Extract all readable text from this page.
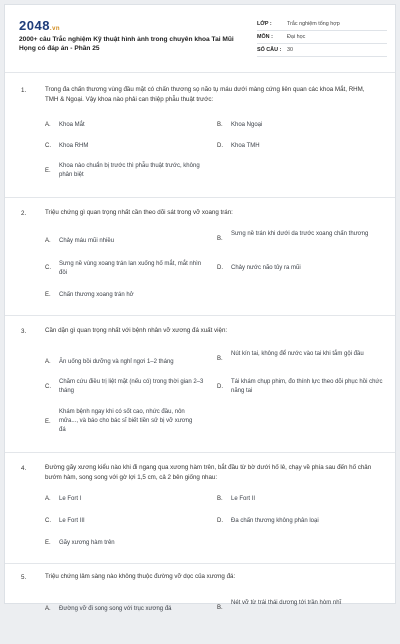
2048.vn
2000+ câu Trắc nghiệm Kỹ thuật hình ảnh trong chuyên khoa Tai Mũi Họng có đáp án - Phần 25
LỚP :	Trắc nghiệm tổng hợp
MÔN :	Đại học
SỐ CÂU :	30
1.	Trong đa chấn thương vùng đầu mặt có chấn thương sọ não tụ máu dưới màng cứng liên quan các khoa Mắt, RHM, TMH & Ngoại. Vậy khoa nào phải can thiệp phẫu thuật trước:
A. Khoa Mắt	B. Khoa Ngoại
C. Khoa RHM	D. Khoa TMH
E.
Khoa nào chuẩn bị trước thì phẫu thuật trước, không phân biệt
2.	Triệu chứng gì quan trọng nhất cần theo dõi sát trong vỡ xoang trán:
A. Chảy máu mũi nhiều	B.
Sưng nề trán khi dưới da trước xoang chấn thương
C.
Sưng nề vùng xoang trán lan xuống hố mắt, mắt nhìn đôi
D. Chảy nước não tủy ra mũi
E. Chấn thương xoang trán hở
3.	Cần dặn gì quan trọng nhất với bệnh nhân vỡ xương đá xuất viện:
A. Ăn uống bồi dưỡng và nghỉ ngơi 1–2 tháng	B.
Nút kín tai, không để nước vào tai khi tắm gội đầu
C.
Chăm cứu điều trị liệt mặt (nếu có) trong thời gian 2–3 tháng
D.
Tái khám chụp phim, đo thính lực theo dõi phục hồi chức năng tai
E.
Khám bệnh ngay khi có sốt cao, nhức đầu, nôn mửa..., và báo cho bác sĩ biết tiền sử bị vỡ xương đá
4.	Đường gãy xương kiểu nào khi đi ngang qua xương hàm trên, bắt đầu từ bờ dưới hố lê, chạy về phía sau đến hố chân bướm hàm, song song với gờ lợi 1,5 cm, cả 2 bên giống nhau:
A. Le Fort I	B. Le Fort II
C. Le Fort III	D. Đa chấn thương không phân loại
E. Gãy xương hàm trên
5.	Triệu chứng lâm sàng nào không thuộc đường vỡ dọc của xương đá:
A. Đường vỡ đi song song với trục xương đá	B.
Nét vỡ từ trái thái dương tới trần hòm nhĩ
